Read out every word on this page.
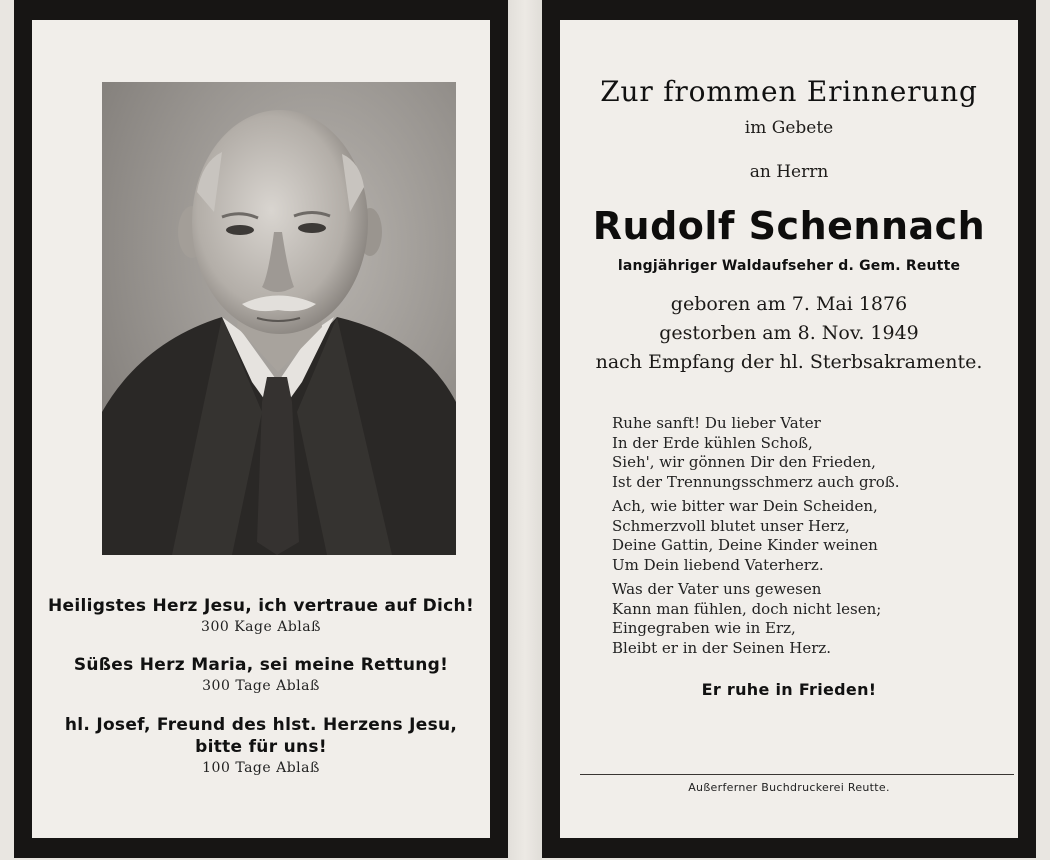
Heiligstes Herz Jesu, ich vertraue auf Dich!
300 Kage Ablaß
Süßes Herz Maria, sei meine Rettung!
300 Tage Ablaß
hl. Josef, Freund des hlst. Herzens Jesu,
bitte für uns!
100 Tage Ablaß
Zur frommen Erinnerung
im Gebete
an Herrn
Rudolf Schennach
langjähriger Waldaufseher d. Gem. Reutte
geboren am 7. Mai 1876
gestorben am 8. Nov. 1949
nach Empfang der hl. Sterbsakramente.
Ruhe sanft! Du lieber Vater
In der Erde kühlen Schoß,
Sieh', wir gönnen Dir den Frieden,
Ist der Trennungsschmerz auch groß.
Ach, wie bitter war Dein Scheiden,
Schmerzvoll blutet unser Herz,
Deine Gattin, Deine Kinder weinen
Um Dein liebend Vaterherz.
Was der Vater uns gewesen
Kann man fühlen, doch nicht lesen;
Eingegraben wie in Erz,
Bleibt er in der Seinen Herz.
Er ruhe in Frieden!
Außerferner Buchdruckerei Reutte.
